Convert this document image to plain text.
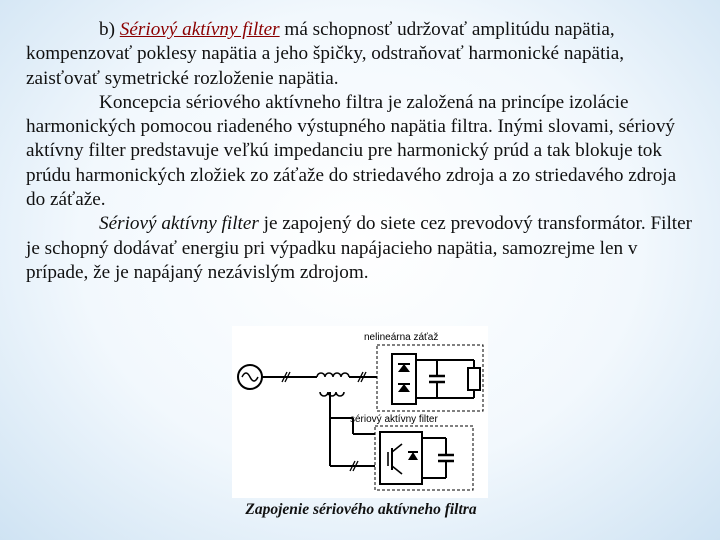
b) Sériový aktívny filter má schopnosť udržovať amplitúdu napätia, kompenzovať poklesy napätia a jeho špičky, odstraňovať harmonické napätia, zaisťovať symetrické rozloženie napätia.

Koncepcia sériového aktívneho filtra je založená na princípe izolácie harmonických pomocou riadeného výstupného napätia filtra. Inými slovami, sériový aktívny filter predstavuje veľkú impedanciu pre harmonický prúd a tak blokuje tok prúdu harmonických zložiek zo záťaže do striedavého zdroja a zo striedavého zdroja do záťaže.

Sériový aktívny filter je zapojený do siete cez prevodový transformátor. Filter je schopný dodávať energiu pri výpadku napájacieho napätia, samozrejme len v prípade, že je napájaný nezávislým zdrojom.

nelineárna záťaž
sériový aktívny filter
Zapojenie sériového aktívneho filtra
